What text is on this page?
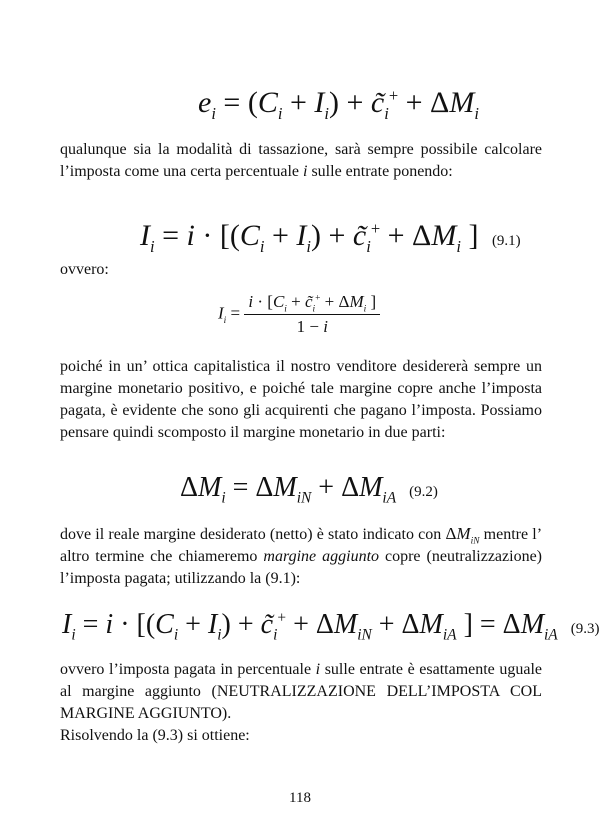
$e_i = (C_i + I_i)$ + $c̃_i^+ + \Delta M_i$
qualunque sia la modalità di tassazione, sarà sempre possibile calcolare l’imposta come una certa percentuale i sulle entrate ponendo:
$I_i = i \cdot [(C_i + I_i)$ + $c̃_i^+ + \Delta M_i$ ] (9.1)
ovvero:
$I_i = \frac{i \cdot [C_i + c̃_i^+ + \Delta M_i ]}{1 - i}$
poiché in un’ ottica capitalistica il nostro venditore desidererà sempre un margine monetario positivo, e poiché tale margine copre anche l’imposta pagata, è evidente che sono gli acquirenti che pagano l’imposta. Possiamo pensare quindi scomposto il margine monetario in due parti:
$\Delta M_i = \Delta M_{iN} + \Delta M_{iA}$ (9.2)
dove il reale margine desiderato (netto) è stato indicato con $\Delta M_{iN}$ mentre l’ altro termine che chiameremo margine aggiunto copre (neutralizzazione) l’imposta pagata; utilizzando la (9.1):
$I_i = i \cdot [(C_i + I_i)$ + $c̃_i^+ + \Delta M_{iN} + \Delta M_{iA}$ ] = $\Delta M_{iA}$ (9.3)
ovvero l’imposta pagata in percentuale i sulle entrate è esattamente uguale al margine aggiunto (NEUTRALIZZAZIONE DELL’IMPOSTA COL MARGINE AGGIUNTO).
Risolvendo la (9.3) si ottiene:
118
